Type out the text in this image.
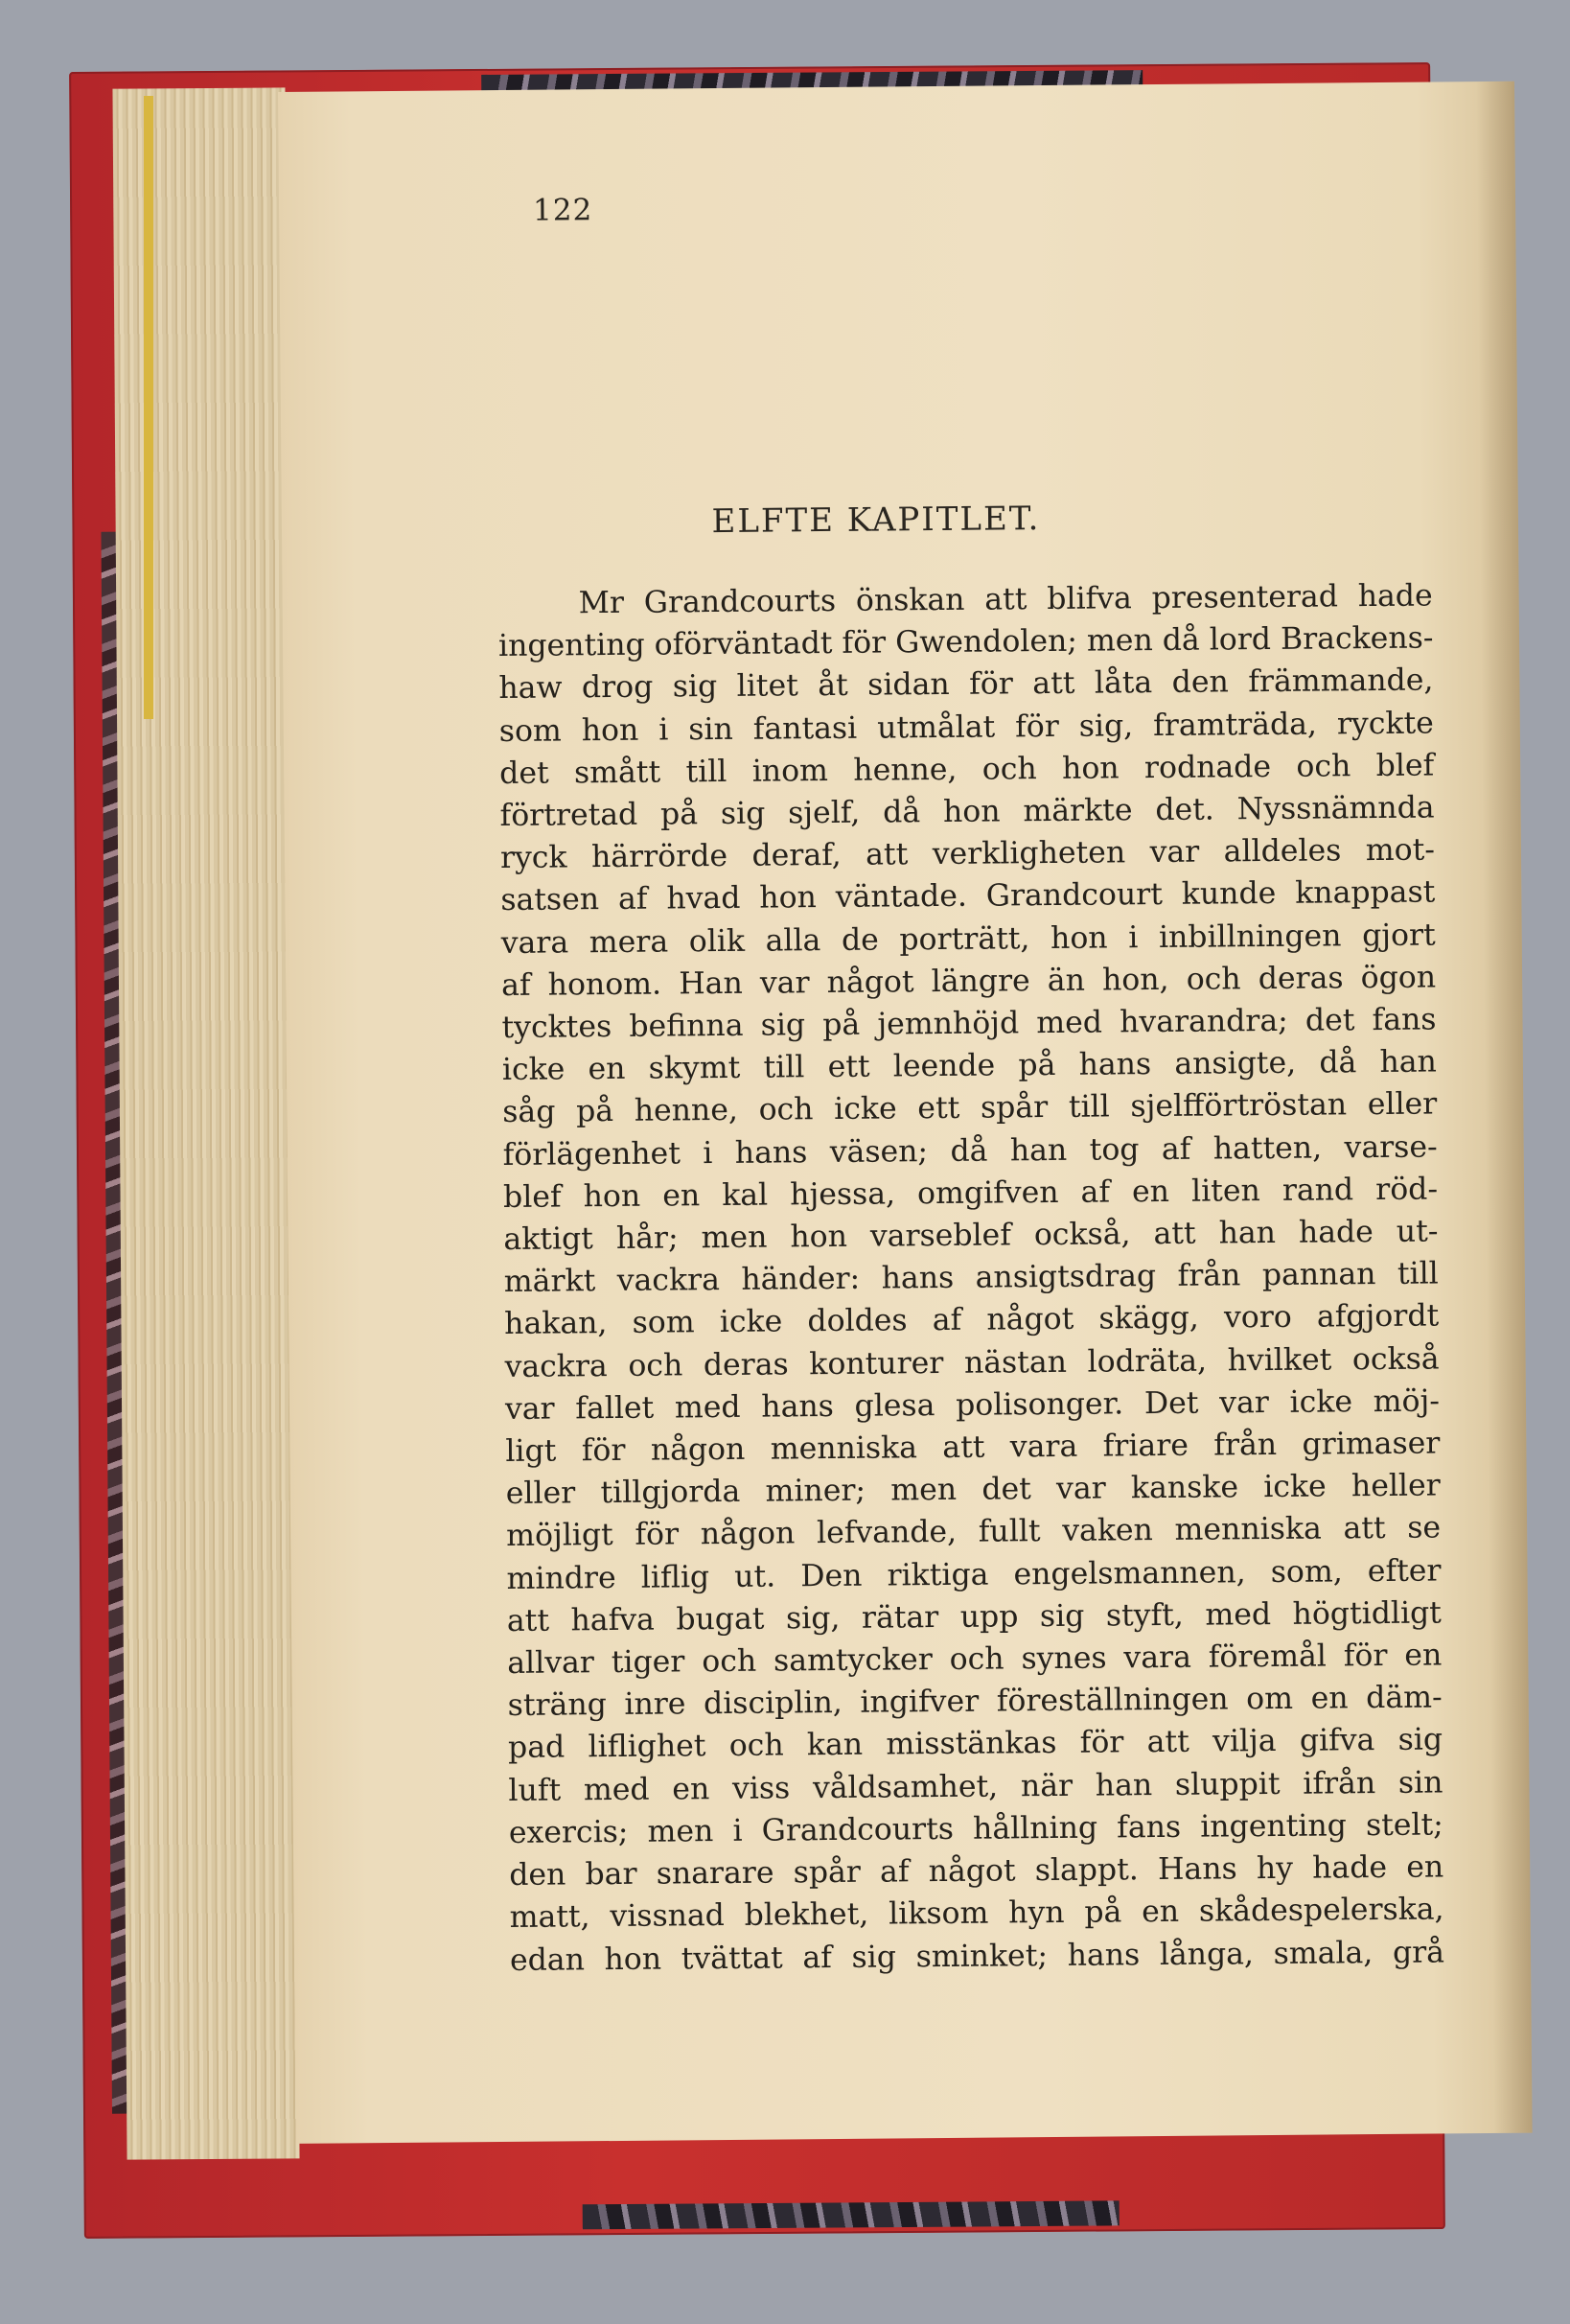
122
ELFTE KAPITLET.
Mr Grandcourts önskan att blifva presenterad hade
ingenting oförväntadt för Gwendolen; men då lord Brackens-
haw drog sig litet åt sidan för att låta den främmande,
som hon i sin fantasi utmålat för sig, framträda, ryckte
det smått till inom henne, och hon rodnade och blef
förtretad på sig sjelf, då hon märkte det. Nyssnämnda
ryck härrörde deraf, att verkligheten var alldeles mot-
satsen af hvad hon väntade. Grandcourt kunde knappast
vara mera olik alla de porträtt, hon i inbillningen gjort
af honom. Han var något längre än hon, och deras ögon
tycktes befinna sig på jemnhöjd med hvarandra; det fans
icke en skymt till ett leende på hans ansigte, då han
såg på henne, och icke ett spår till sjelfförtröstan eller
förlägenhet i hans väsen; då han tog af hatten, varse-
blef hon en kal hjessa, omgifven af en liten rand röd-
aktigt hår; men hon varseblef också, att han hade ut-
märkt vackra händer: hans ansigtsdrag från pannan till
hakan, som icke doldes af något skägg, voro afgjordt
vackra och deras konturer nästan lodräta, hvilket också
var fallet med hans glesa polisonger. Det var icke möj-
ligt för någon menniska att vara friare från grimaser
eller tillgjorda miner; men det var kanske icke heller
möjligt för någon lefvande, fullt vaken menniska att se
mindre liflig ut. Den riktiga engelsmannen, som, efter
att hafva bugat sig, rätar upp sig styft, med högtidligt
allvar tiger och samtycker och synes vara föremål för en
sträng inre disciplin, ingifver föreställningen om en däm-
pad liflighet och kan misstänkas för att vilja gifva sig
luft med en viss våldsamhet, när han sluppit ifrån sin
exercis; men i Grandcourts hållning fans ingenting stelt;
den bar snarare spår af något slappt. Hans hy hade en
matt, vissnad blekhet, liksom hyn på en skådespelerska,
edan hon tvättat af sig sminket; hans långa, smala, grå
